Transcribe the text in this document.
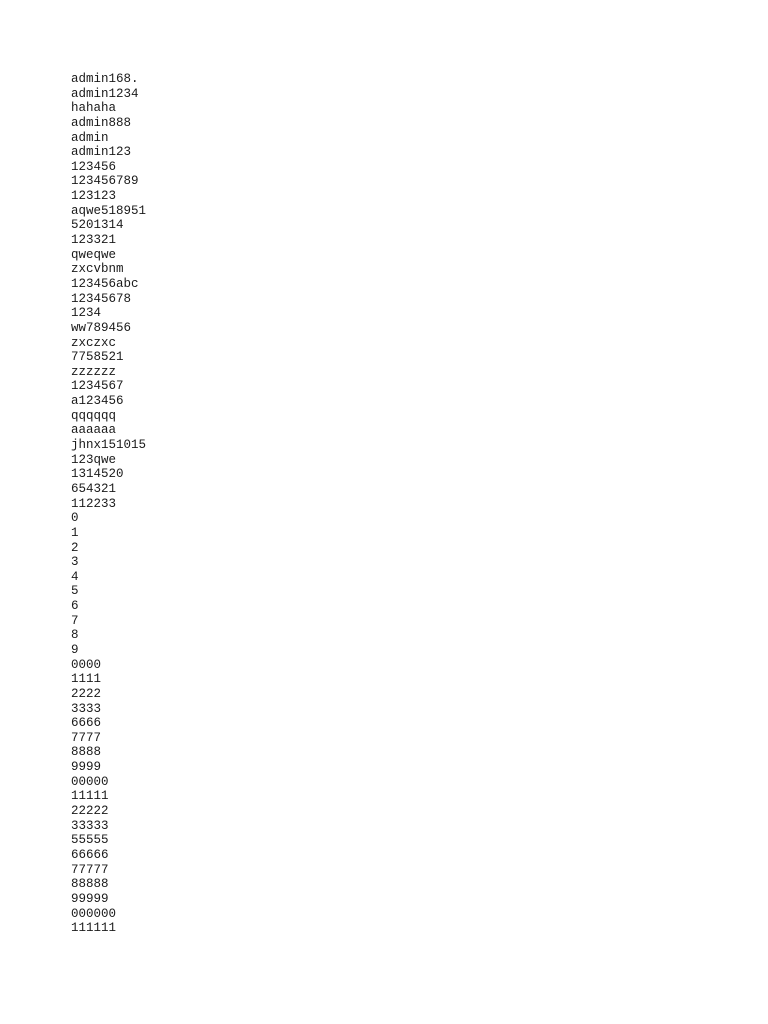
admin168.
admin1234
hahaha
admin888
admin
admin123
123456
123456789
123123
aqwe518951
5201314
123321
qweqwe
zxcvbnm
123456abc
12345678
1234
ww789456
zxczxc
7758521
zzzzzz
1234567
a123456
qqqqqq
aaaaaa
jhnx151015
123qwe
1314520
654321
112233
0
1
2
3
4
5
6
7
8
9
0000
1111
2222
3333
6666
7777
8888
9999
00000
11111
22222
33333
55555
66666
77777
88888
99999
000000
111111
